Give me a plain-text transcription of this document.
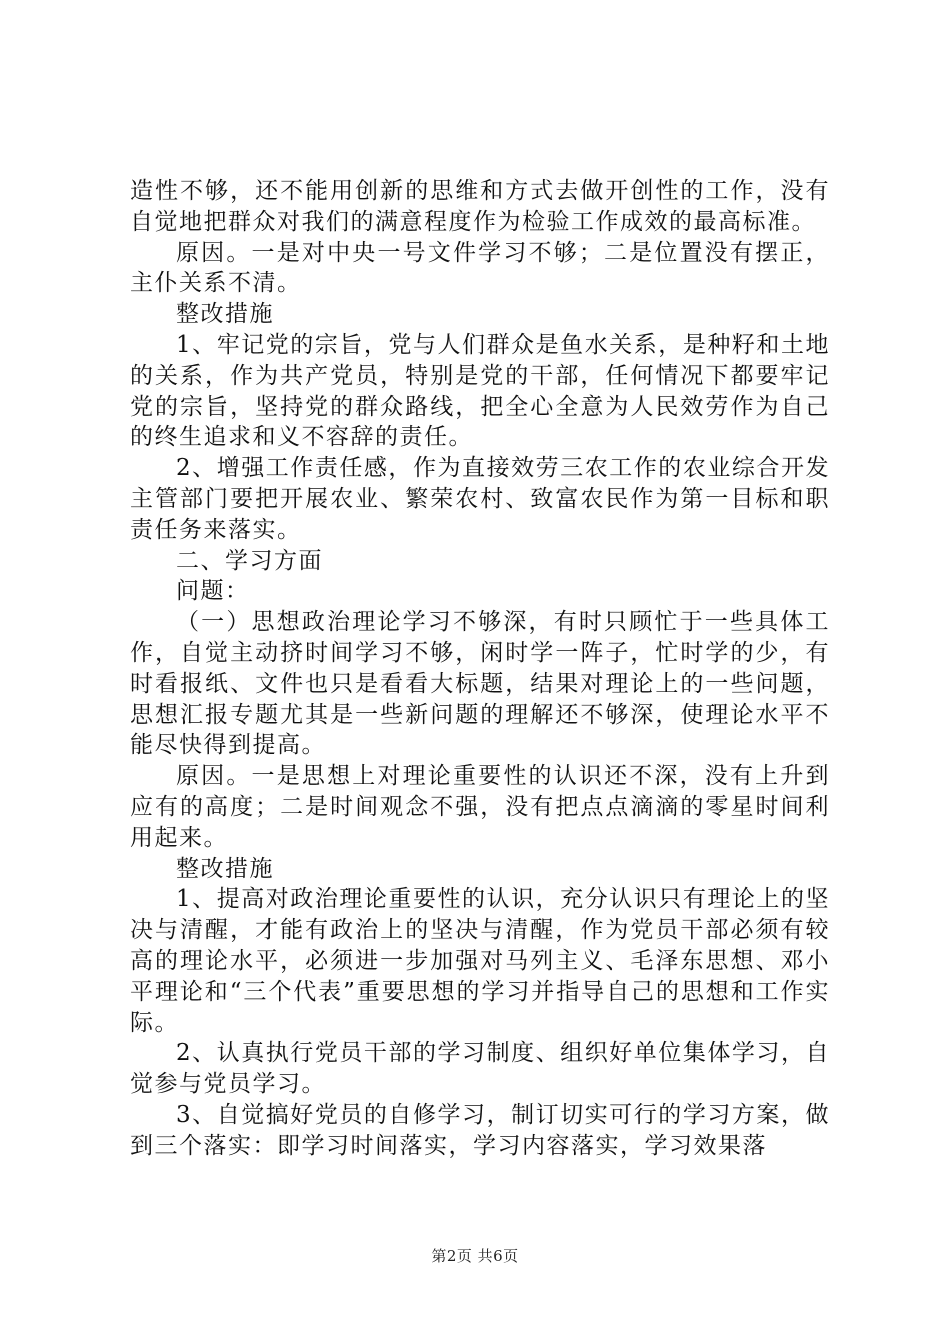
造性不够，还不能用创新的思维和方式去做开创性的工作，没有自觉地把群众对我们的满意程度作为检验工作成效的最高标准。

原因。一是对中央一号文件学习不够；二是位置没有摆正，主仆关系不清。

整改措施

1、牢记党的宗旨，党与人们群众是鱼水关系，是种籽和土地的关系，作为共产党员，特别是党的干部，任何情况下都要牢记党的宗旨，坚持党的群众路线，把全心全意为人民效劳作为自己的终生追求和义不容辞的责任。

2、增强工作责任感，作为直接效劳三农工作的农业综合开发主管部门要把开展农业、繁荣农村、致富农民作为第一目标和职责任务来落实。

二、学习方面

问题：

（一）思想政治理论学习不够深，有时只顾忙于一些具体工作，自觉主动挤时间学习不够，闲时学一阵子，忙时学的少，有时看报纸、文件也只是看看大标题，结果对理论上的一些问题，思想汇报专题尤其是一些新问题的理解还不够深，使理论水平不能尽快得到提高。

原因。一是思想上对理论重要性的认识还不深，没有上升到应有的高度；二是时间观念不强，没有把点点滴滴的零星时间利用起来。

整改措施

1、提高对政治理论重要性的认识，充分认识只有理论上的坚决与清醒，才能有政治上的坚决与清醒，作为党员干部必须有较高的理论水平，必须进一步加强对马列主义、毛泽东思想、邓小平理论和“三个代表”重要思想的学习并指导自己的思想和工作实际。

2、认真执行党员干部的学习制度、组织好单位集体学习，自觉参与党员学习。

3、自觉搞好党员的自修学习，制订切实可行的学习方案，做到三个落实：即学习时间落实，学习内容落实，学习效果落

第2页 共6页
